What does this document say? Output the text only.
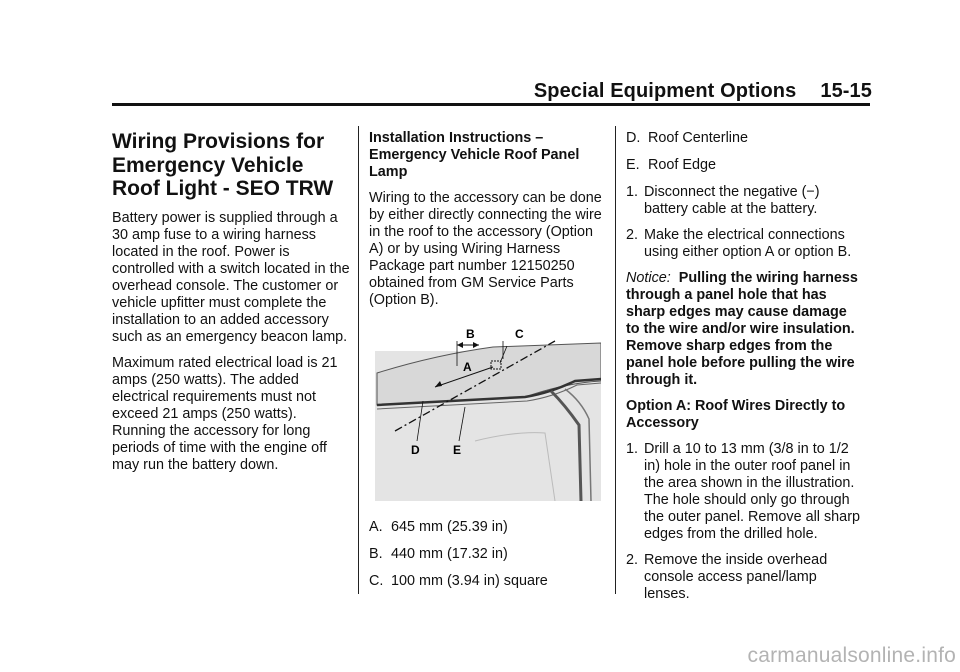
Special Equipment Options 15-15
Wiring Provisions for Emergency Vehicle Roof Light - SEO TRW

Battery power is supplied through a 30 amp fuse to a wiring harness located in the roof. Power is controlled with a switch located in the overhead console. The customer or vehicle upfitter must complete the installation to an added accessory such as an emergency beacon lamp.

Maximum rated electrical load is 21 amps (250 watts). The added electrical requirements must not exceed 21 amps (250 watts). Running the accessory for long periods of time with the engine off may run the battery down.

Installation Instructions – Emergency Vehicle Roof Panel Lamp

Wiring to the accessory can be done by either directly connecting the wire in the roof to the accessory (Option A) or by using Wiring Harness Package part number 12150250 obtained from GM Service Parts (Option B).

B	C
A
D	E
A. 645 mm (25.39 in)
B. 440 mm (17.32 in)
C. 100 mm (3.94 in) square
D. Roof Centerline
E. Roof Edge
1. Disconnect the negative (−) battery cable at the battery.
2. Make the electrical connections using either option A or option B.

Notice: Pulling the wiring harness through a panel hole that has sharp edges may cause damage to the wire and/or wire insulation. Remove sharp edges from the panel hole before pulling the wire through it.

Option A: Roof Wires Directly to Accessory
1. Drill a 10 to 13 mm (3/8 in to 1/2 in) hole in the outer roof panel in the area shown in the illustration. The hole should only go through the outer panel. Remove all sharp edges from the drilled hole.
2. Remove the inside overhead console access panel/lamp lenses.
carmanualsonline.info
